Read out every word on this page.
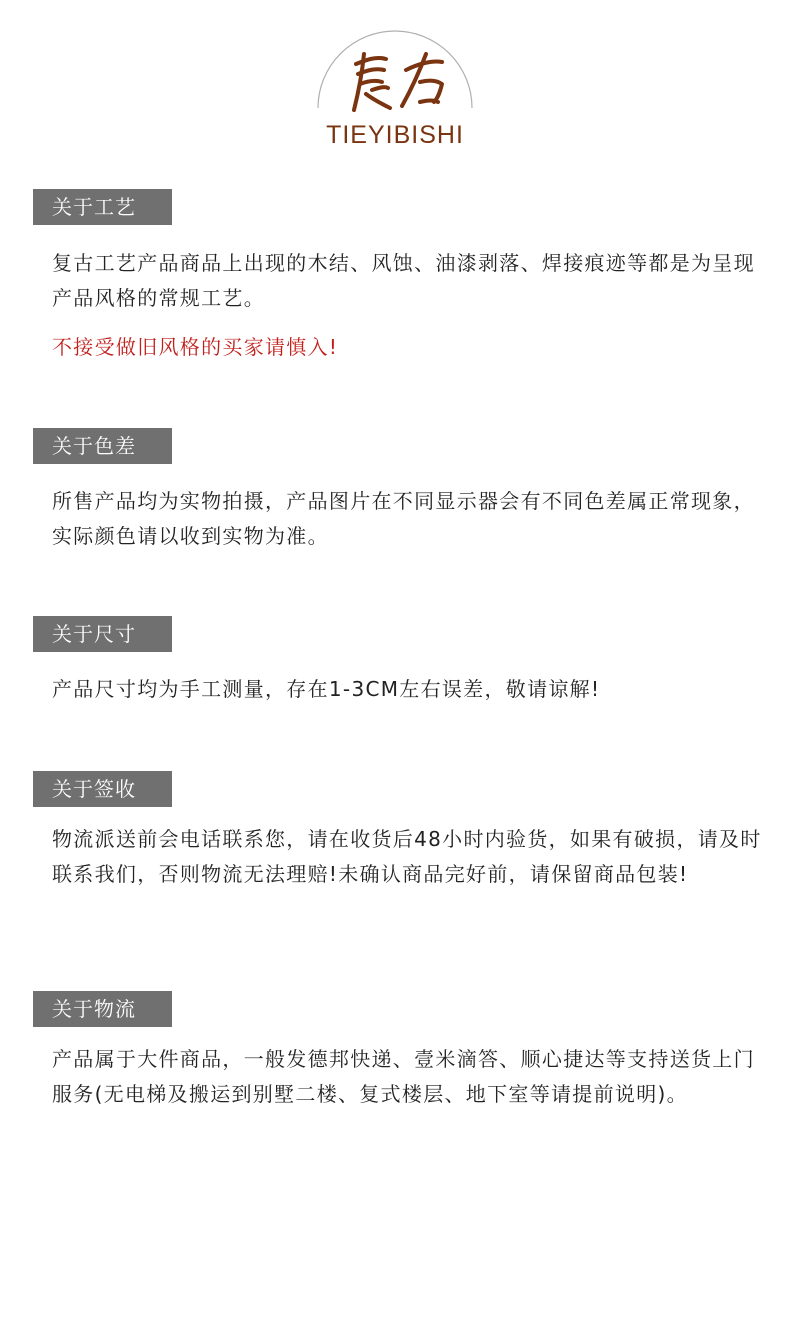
TIEYIBISHI
关于工艺

复古工艺产品商品上出现的木结、风蚀、油漆剥落、焊接痕迹等都是为呈现产品风格的常规工艺。

不接受做旧风格的买家请慎入!

关于色差

所售产品均为实物拍摄，产品图片在不同显示器会有不同色差属正常现象，实际颜色请以收到实物为准。

关于尺寸

产品尺寸均为手工测量，存在1-3CM左右误差，敬请谅解!

关于签收

物流派送前会电话联系您，请在收货后48小时内验货，如果有破损，请及时联系我们，否则物流无法理赔!未确认商品完好前，请保留商品包装!

关于物流

产品属于大件商品，一般发德邦快递、壹米滴答、顺心捷达等支持送货上门服务(无电梯及搬运到别墅二楼、复式楼层、地下室等请提前说明)。
